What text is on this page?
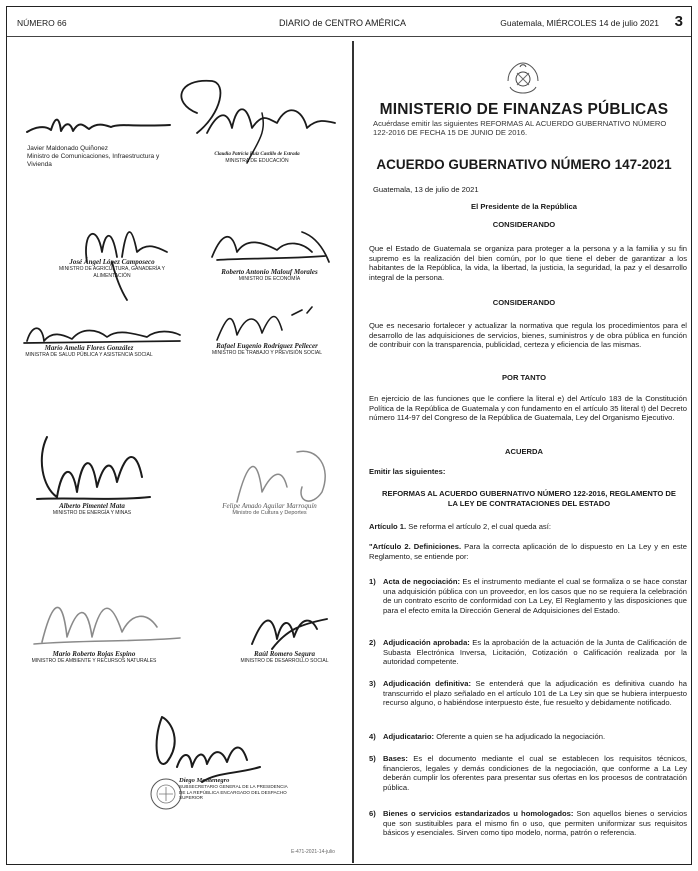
NÚMERO 66	DIARIO de CENTRO AMÉRICA	Guatemala, MIÉRCOLES 14 de julio 2021 3
Javier Maldonado Quiñonez
Ministro de Comunicaciones, Infraestructura y Vivienda
Claudia Patricia Ruiz Castillo de Estrada
MINISTRA DE EDUCACIÓN
José Ángel López Camposeco
MINISTRO DE AGRICULTURA, GANADERÍA Y ALIMENTACIÓN	Roberto Antonio Malouf Morales
MINISTRO DE ECONOMÍA
Marío Amelia Flores González
MINISTRA DE SALUD PÚBLICA Y ASISTENCIA SOCIAL
Rafael Eugenio Rodríguez Pellecer
MINISTRO DE TRABAJO Y PREVISIÓN SOCIAL
Alberto Pimentel Mata
MINISTRO DE ENERGÍA Y MINAS
Felipe Amado Aguilar Marroquín
Ministro de Cultura y Deportes
Mario Roberto Rojas Espino
MINISTRO DE AMBIENTE Y RECURSOS NATURALES
Raúl Romero Segura
MINISTRO DE DESARROLLO SOCIAL
Diego Montenegro
SUBSECRETARIO GENERAL DE LA PRESIDENCIA DE LA REPÚBLICA ENCARGADO DEL DESPACHO SUPERIOR
E-471-2021-14-julio
MINISTERIO DE FINANZAS PÚBLICAS
Acuérdase emitir las siguientes REFORMAS AL ACUERDO GUBERNATIVO NÚMERO 122-2016 DE FECHA 15 DE JUNIO DE 2016.
ACUERDO GUBERNATIVO NÚMERO 147-2021
Guatemala, 13 de julio de 2021
El Presidente de la República
CONSIDERANDO
Que el Estado de Guatemala se organiza para proteger a la persona y a la familia y su fin supremo es la realización del bien común, por lo que tiene el deber de garantizar a los habitantes de la República, la vida, la libertad, la justicia, la seguridad, la paz y el desarrollo integral de la persona.
CONSIDERANDO
Que es necesario fortalecer y actualizar la normativa que regula los procedimientos para el desarrollo de las adquisiciones de servicios, bienes, suministros y de obra pública en función de contribuir con la transparencia, publicidad, certeza y eficiencia de las mismas.
POR TANTO
En ejercicio de las funciones que le confiere la literal e) del Artículo 183 de la Constitución Política de la República de Guatemala y con fundamento en el artículo 35 literal t) del Decreto número 114-97 del Congreso de la República de Guatemala, Ley del Organismo Ejecutivo.
ACUERDA
Emitir las siguientes:
REFORMAS AL ACUERDO GUBERNATIVO NÚMERO 122-2016, REGLAMENTO DE LA LEY DE CONTRATACIONES DEL ESTADO
Artículo 1. Se reforma el artículo 2, el cual queda así:
"Artículo 2. Definiciones. Para la correcta aplicación de lo dispuesto en La Ley y en este Reglamento, se entiende por:
1) Acta de negociación: Es el instrumento mediante el cual se formaliza o se hace constar una adquisición pública con un proveedor, en los casos que no se requiera la celebración de un contrato escrito de conformidad con La Ley, El Reglamento y las disposiciones que para el efecto emita la Dirección General de Adquisiciones del Estado.
2) Adjudicación aprobada: Es la aprobación de la actuación de la Junta de Calificación de Subasta Electrónica Inversa, Licitación, Cotización o Calificación realizada por la autoridad competente.
3) Adjudicación definitiva: Se entenderá que la adjudicación es definitiva cuando ha transcurrido el plazo señalado en el artículo 101 de La Ley sin que se hubiera interpuesto recurso alguno, o habiéndose interpuesto éste, fue resuelto y debidamente notificado.
4) Adjudicatario: Oferente a quien se ha adjudicado la negociación.
5) Bases: Es el documento mediante el cual se establecen los requisitos técnicos, financieros, legales y demás condiciones de la negociación, que conforme a La Ley deberán cumplir los oferentes para presentar sus ofertas en los procesos de contratación pública.
6) Bienes o servicios estandarizados u homologados: Son aquellos bienes o servicios que son sustituibles para el mismo fin o uso, que permiten uniformizar sus requisitos básicos y esenciales. Sirven como tipo modelo, norma, patrón o referencia.
